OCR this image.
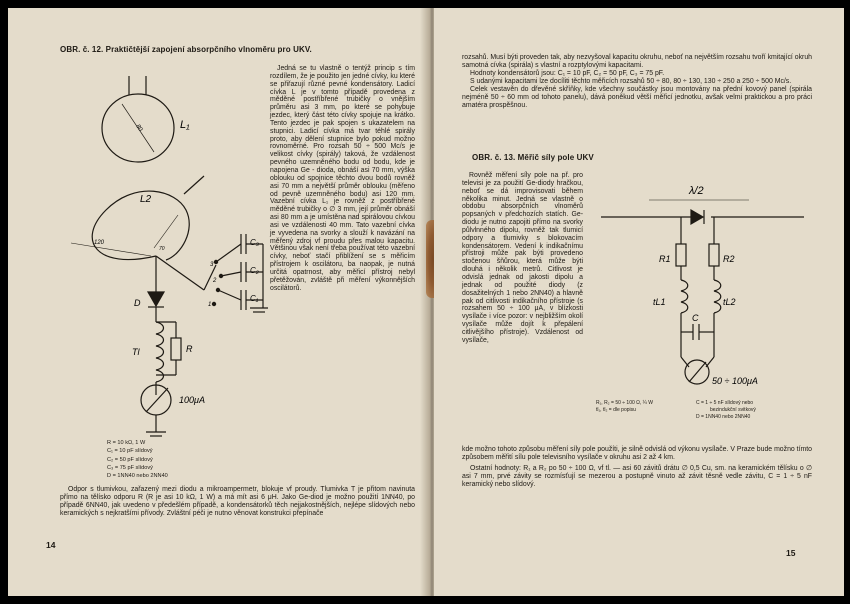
OBR. č. 12. Praktičtější zapojení absorpčního vlnoměru pro UKV.
L₁
80
L2
120
70
C₃
C₂
C₁
3
2
1
D
Tl	R
100μA

Jedná se tu vlastně o tentýž princip s tím rozdílem, že je použito jen jedné cívky, ku které se přiřazují různé pevné kondensátory. Ladicí cívka L je v tomto případě provedena z měděné postříbřené trubičky o vnějším průměru asi 3 mm, po které se pohybuje jezdec, který část této cívky spojuje na krátko. Tento jezdec je pak spojen s ukazatelem na stupnici. Ladicí cívka má tvar téhlé spirály proto, aby dělení stupnice bylo pokud možno rovnoměrné. Pro rozsah 50 ÷ 500 Mc/s je velikost cívky (spirály) taková, že vzdálenost pevného uzemněného bodu od bodu, kde je napojena Ge - dioda, obnáší asi 70 mm, výška oblouku od spojnice těchto dvou bodů rovněž asi 70 mm a největší průměr oblouku (měřeno od pevně uzemněného bodu) asi 120 mm. Vazební cívka L₁ je rovněž z postříbřené měděné trubičky o ∅ 3 mm, její průměr obnáší asi 80 mm a je umístěna nad spirálovou cívkou asi ve vzdálenosti 40 mm. Tato vazební cívka je vyvedena na svorky a slouží k navázání na měřený zdroj vf proudu přes malou kapacitu. Většinou však není třeba používat této vazební cívky, neboť stačí přiblížení se s měřicím přístrojem k oscilátoru, ba naopak, je nutná určitá opatrnost, aby měřicí přístroj nebyl přetěžován, zvláště při měření výkonnějších oscilátorů.

R = 10 kΩ, 1 W
C₁ = 10 pF slídový
C₂ = 50 pF slídový
C₃ = 75 pF slídový
D = 1NN40 nebo 2NN40

Odpor s tlumivkou, zařazený mezi diodu a mikroampermetr, blokuje vf proudy. Tlumivka T je přitom navinuta přímo na tělísko odporu R (R je asi 10 kΩ, 1 W) a má mít asi 6 μH. Jako Ge-diod je možno použití 1NN40, po případě 6NN40, jak uvedeno v předešlém případě, a kondensátorků těch nejjakostnějších, nejlépe slídových nebo keramických s nejkratšími přívody. Zvláštní péči je nutno věnovat konstrukci přepínače

14

rozsahů. Musí býti proveden tak, aby nezvyšoval kapacitu okruhu, neboť na největším rozsahu tvoří kmitající okruh samotná cívka (spirála) s vlastní a rozptylovými kapacitami.

Hodnoty kondensátorů jsou: C₁ = 10 pF, C₂ = 50 pF, C₃ = 75 pF.

S udanými kapacitami lze docíliti těchto měřicích rozsahů 50 ÷ 80, 80 ÷ 130, 130 ÷ 250 a 250 ÷ 500 Mc/s.

Celek vestavěn do dřevěné skříňky, kde všechny součástky jsou montovány na přední kovový panel (spirála nejméně 50 ÷ 60 mm od tohoto panelu), dává poněkud větší měřicí jednotku, avšak velmi praktickou a pro práci amatéra prospěšnou.

OBR. č. 13. Měřič síly pole UKV

Rovněž měření síly pole na př. pro televisi je za použití Ge-diody hračkou, neboť se dá improvisovati během několika minut. Jedná se vlastně o obdobu absorpčních vlnoměrů popsaných v předchozích statích. Ge-diodu je nutno zapojiti přímo na svorky půlvlnného dipolu, rovněž tak tlumicí odpory a tlumivky s blokovacím kondensátorem. Vedení k indikačnímu přístroji může pak býti provedeno stočenou šňůrou, která může býti dlouhá i několik metrů. Citlivost je odvislá jednak od jakosti dipolu a jednak od použité diody (z dosažitelných 1 nebo 2NN40) a hlavně pak od citlivosti indikačního přístroje (s rozsahem 50 ÷ 100 μA, v blízkosti vysílače i více pozor: v nejbližším okolí vysílače může dojít k přepálení citlivějšího přístroje). Vzdálenost od vysílače,

λ/2
R1	R2
tL1	tL2
C
50 ÷ 100μA
R₁, R₂ = 50 ÷ 100 Ω, ¼ W
tl₁, tl₂ = dle popisu
C = 1 ÷ 5 nF slídový nebo
bezindukční svitkový
D = 1NN40 nebo 2NN40

kde možno tohoto způsobu měření síly pole použíti, je silně odvislá od výkonu vysílače. V Praze bude možno tímto způsobem měřití sílu pole televisního vysílače v okruhu asi 2 až 4 km.

Ostatní hodnoty: R₁ a R₂ po 50 ÷ 100 Ω, vf tl. — asi 60 závitů drátu ∅ 0,5 Cu, sm. na keramickém tělísku o ∅ asi 7 mm, prvé závity se rozmísťují se mezerou a postupně vinuto až závit těsně vedle závitu, C = 1 ÷ 5 nF keramický nebo slídový.

15
